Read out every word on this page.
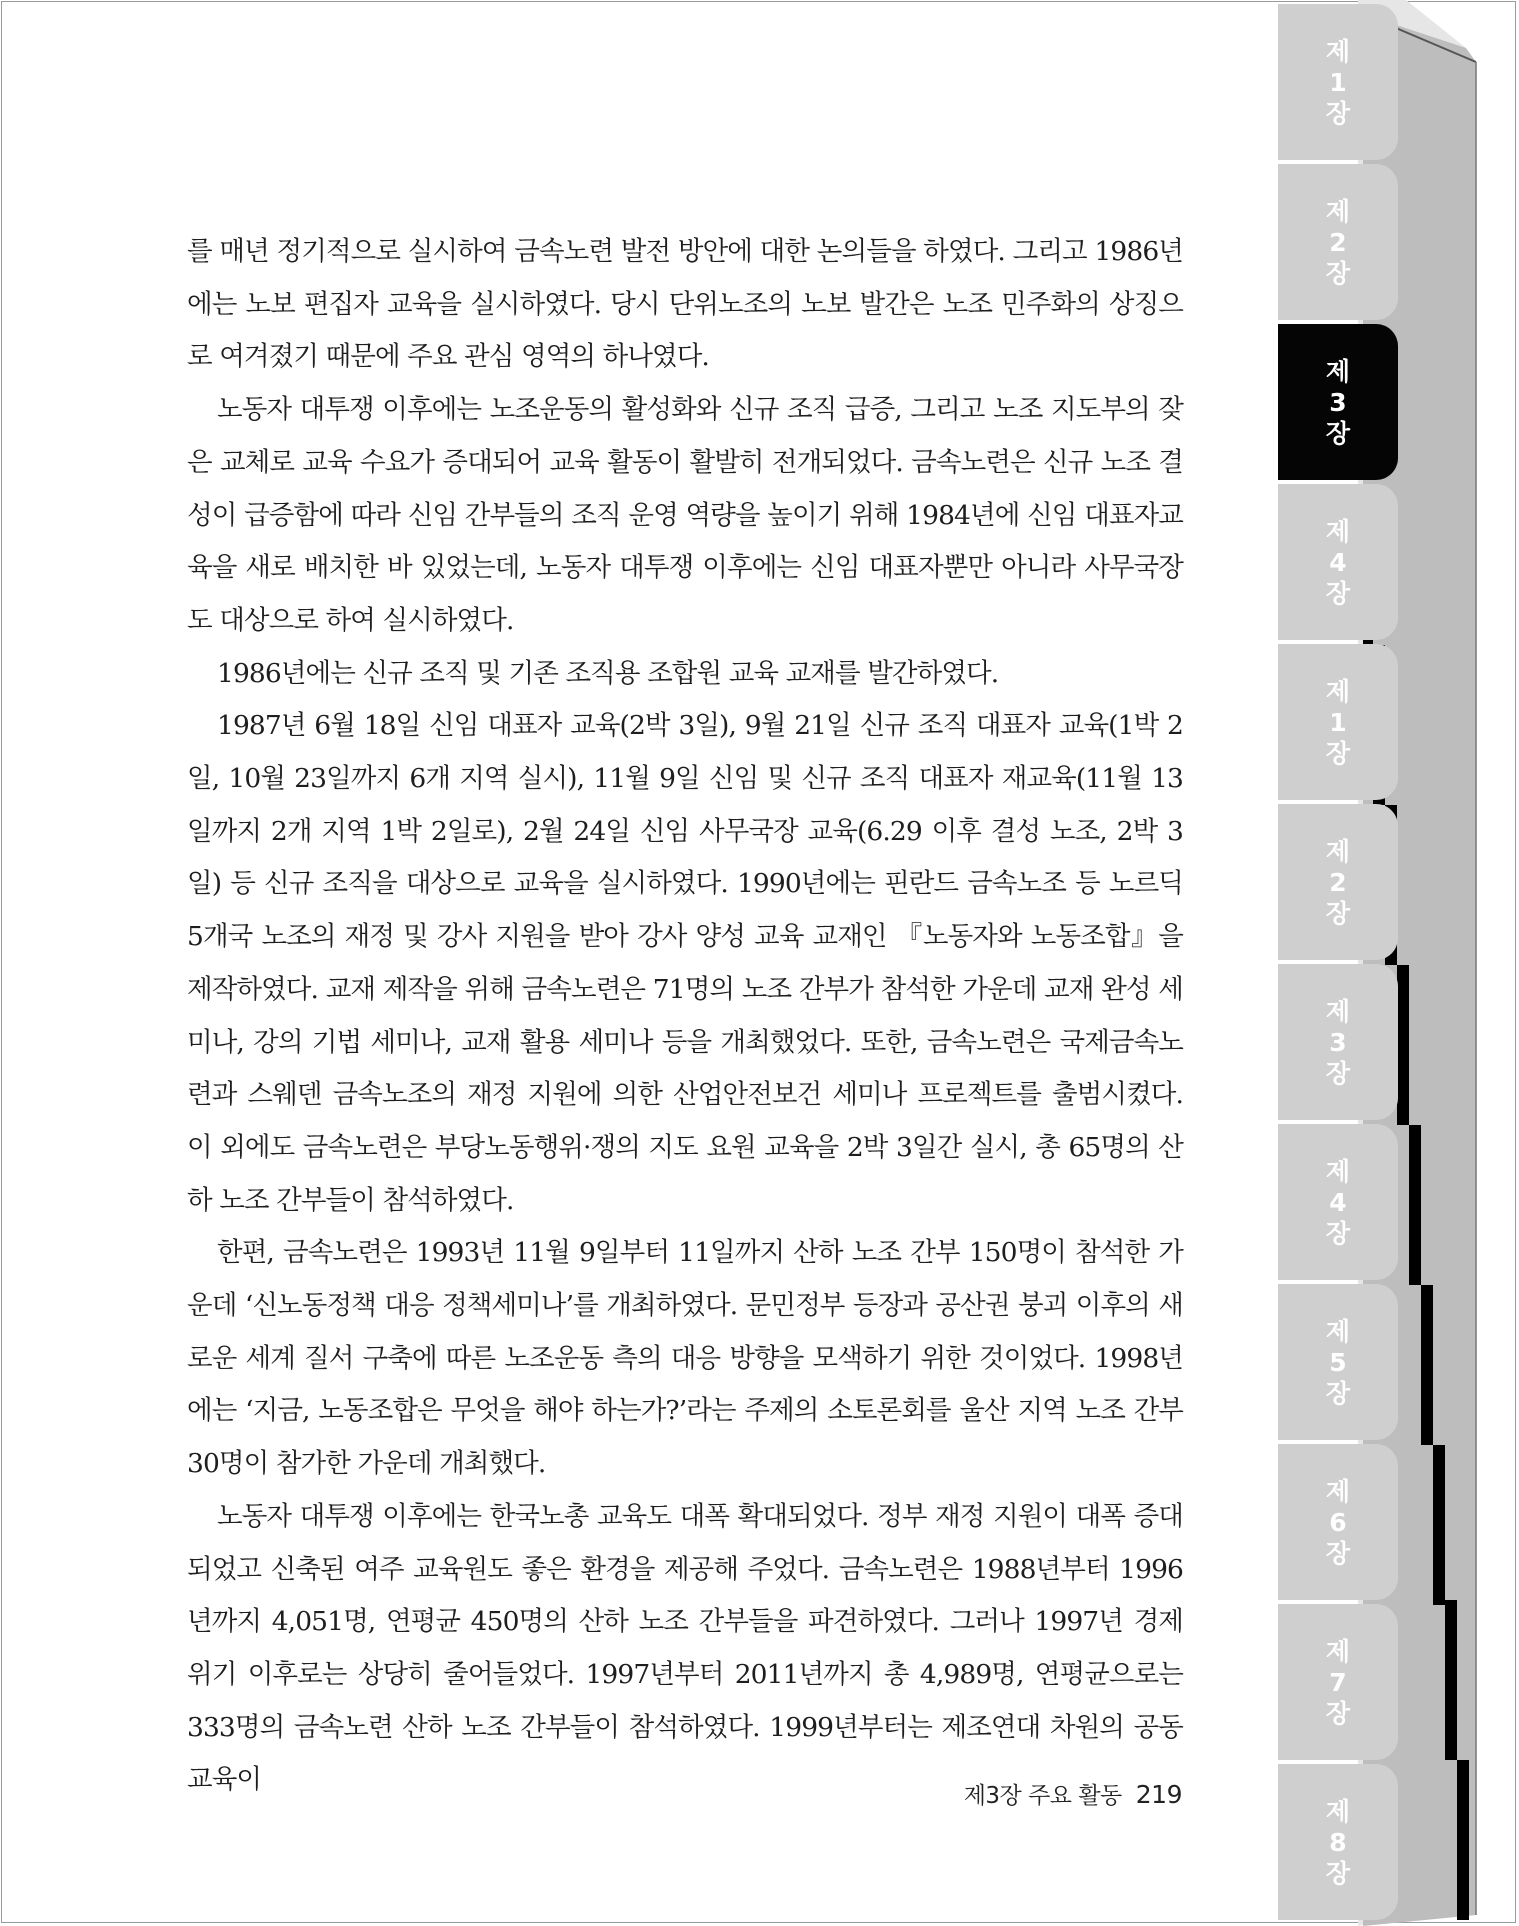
를 매년 정기적으로 실시하여 금속노련 발전 방안에 대한 논의들을 하였다. 그리고 1986년에는 노보 편집자 교육을 실시하였다. 당시 단위노조의 노보 발간은 노조 민주화의 상징으로 여겨졌기 때문에 주요 관심 영역의 하나였다.

노동자 대투쟁 이후에는 노조운동의 활성화와 신규 조직 급증, 그리고 노조 지도부의 잦은 교체로 교육 수요가 증대되어 교육 활동이 활발히 전개되었다. 금속노련은 신규 노조 결성이 급증함에 따라 신임 간부들의 조직 운영 역량을 높이기 위해 1984년에 신임 대표자교육을 새로 배치한 바 있었는데, 노동자 대투쟁 이후에는 신임 대표자뿐만 아니라 사무국장도 대상으로 하여 실시하였다.

1986년에는 신규 조직 및 기존 조직용 조합원 교육 교재를 발간하였다.

1987년 6월 18일 신임 대표자 교육(2박 3일), 9월 21일 신규 조직 대표자 교육(1박 2일, 10월 23일까지 6개 지역 실시), 11월 9일 신임 및 신규 조직 대표자 재교육(11월 13일까지 2개 지역 1박 2일로), 2월 24일 신임 사무국장 교육(6.29 이후 결성 노조, 2박 3일) 등 신규 조직을 대상으로 교육을 실시하였다. 1990년에는 핀란드 금속노조 등 노르딕 5개국 노조의 재정 및 강사 지원을 받아 강사 양성 교육 교재인 『노동자와 노동조합』을 제작하였다. 교재 제작을 위해 금속노련은 71명의 노조 간부가 참석한 가운데 교재 완성 세미나, 강의 기법 세미나, 교재 활용 세미나 등을 개최했었다. 또한, 금속노련은 국제금속노련과 스웨덴 금속노조의 재정 지원에 의한 산업안전보건 세미나 프로젝트를 출범시켰다. 이 외에도 금속노련은 부당노동행위·쟁의 지도 요원 교육을 2박 3일간 실시, 총 65명의 산하 노조 간부들이 참석하였다.

한편, 금속노련은 1993년 11월 9일부터 11일까지 산하 노조 간부 150명이 참석한 가운데 ‘신노동정책 대응 정책세미나’를 개최하였다. 문민정부 등장과 공산권 붕괴 이후의 새로운 세계 질서 구축에 따른 노조운동 측의 대응 방향을 모색하기 위한 것이었다. 1998년에는 ‘지금, 노동조합은 무엇을 해야 하는가?’라는 주제의 소토론회를 울산 지역 노조 간부 30명이 참가한 가운데 개최했다.

노동자 대투쟁 이후에는 한국노총 교육도 대폭 확대되었다. 정부 재정 지원이 대폭 증대되었고 신축된 여주 교육원도 좋은 환경을 제공해 주었다. 금속노련은 1988년부터 1996년까지 4,051명, 연평균 450명의 산하 노조 간부들을 파견하였다. 그러나 1997년 경제 위기 이후로는 상당히 줄어들었다. 1997년부터 2011년까지 총 4,989명, 연평균으로는 333명의 금속노련 산하 노조 간부들이 참석하였다. 1999년부터는 제조연대 차원의 공동 교육이

제3장 주요 활동 219
제
1
장
제
2
장
제
3
장
제
4
장
제
1
장
제
2
장
제
3
장
제
4
장
제
5
장
제
6
장
제
7
장
제
8
장
